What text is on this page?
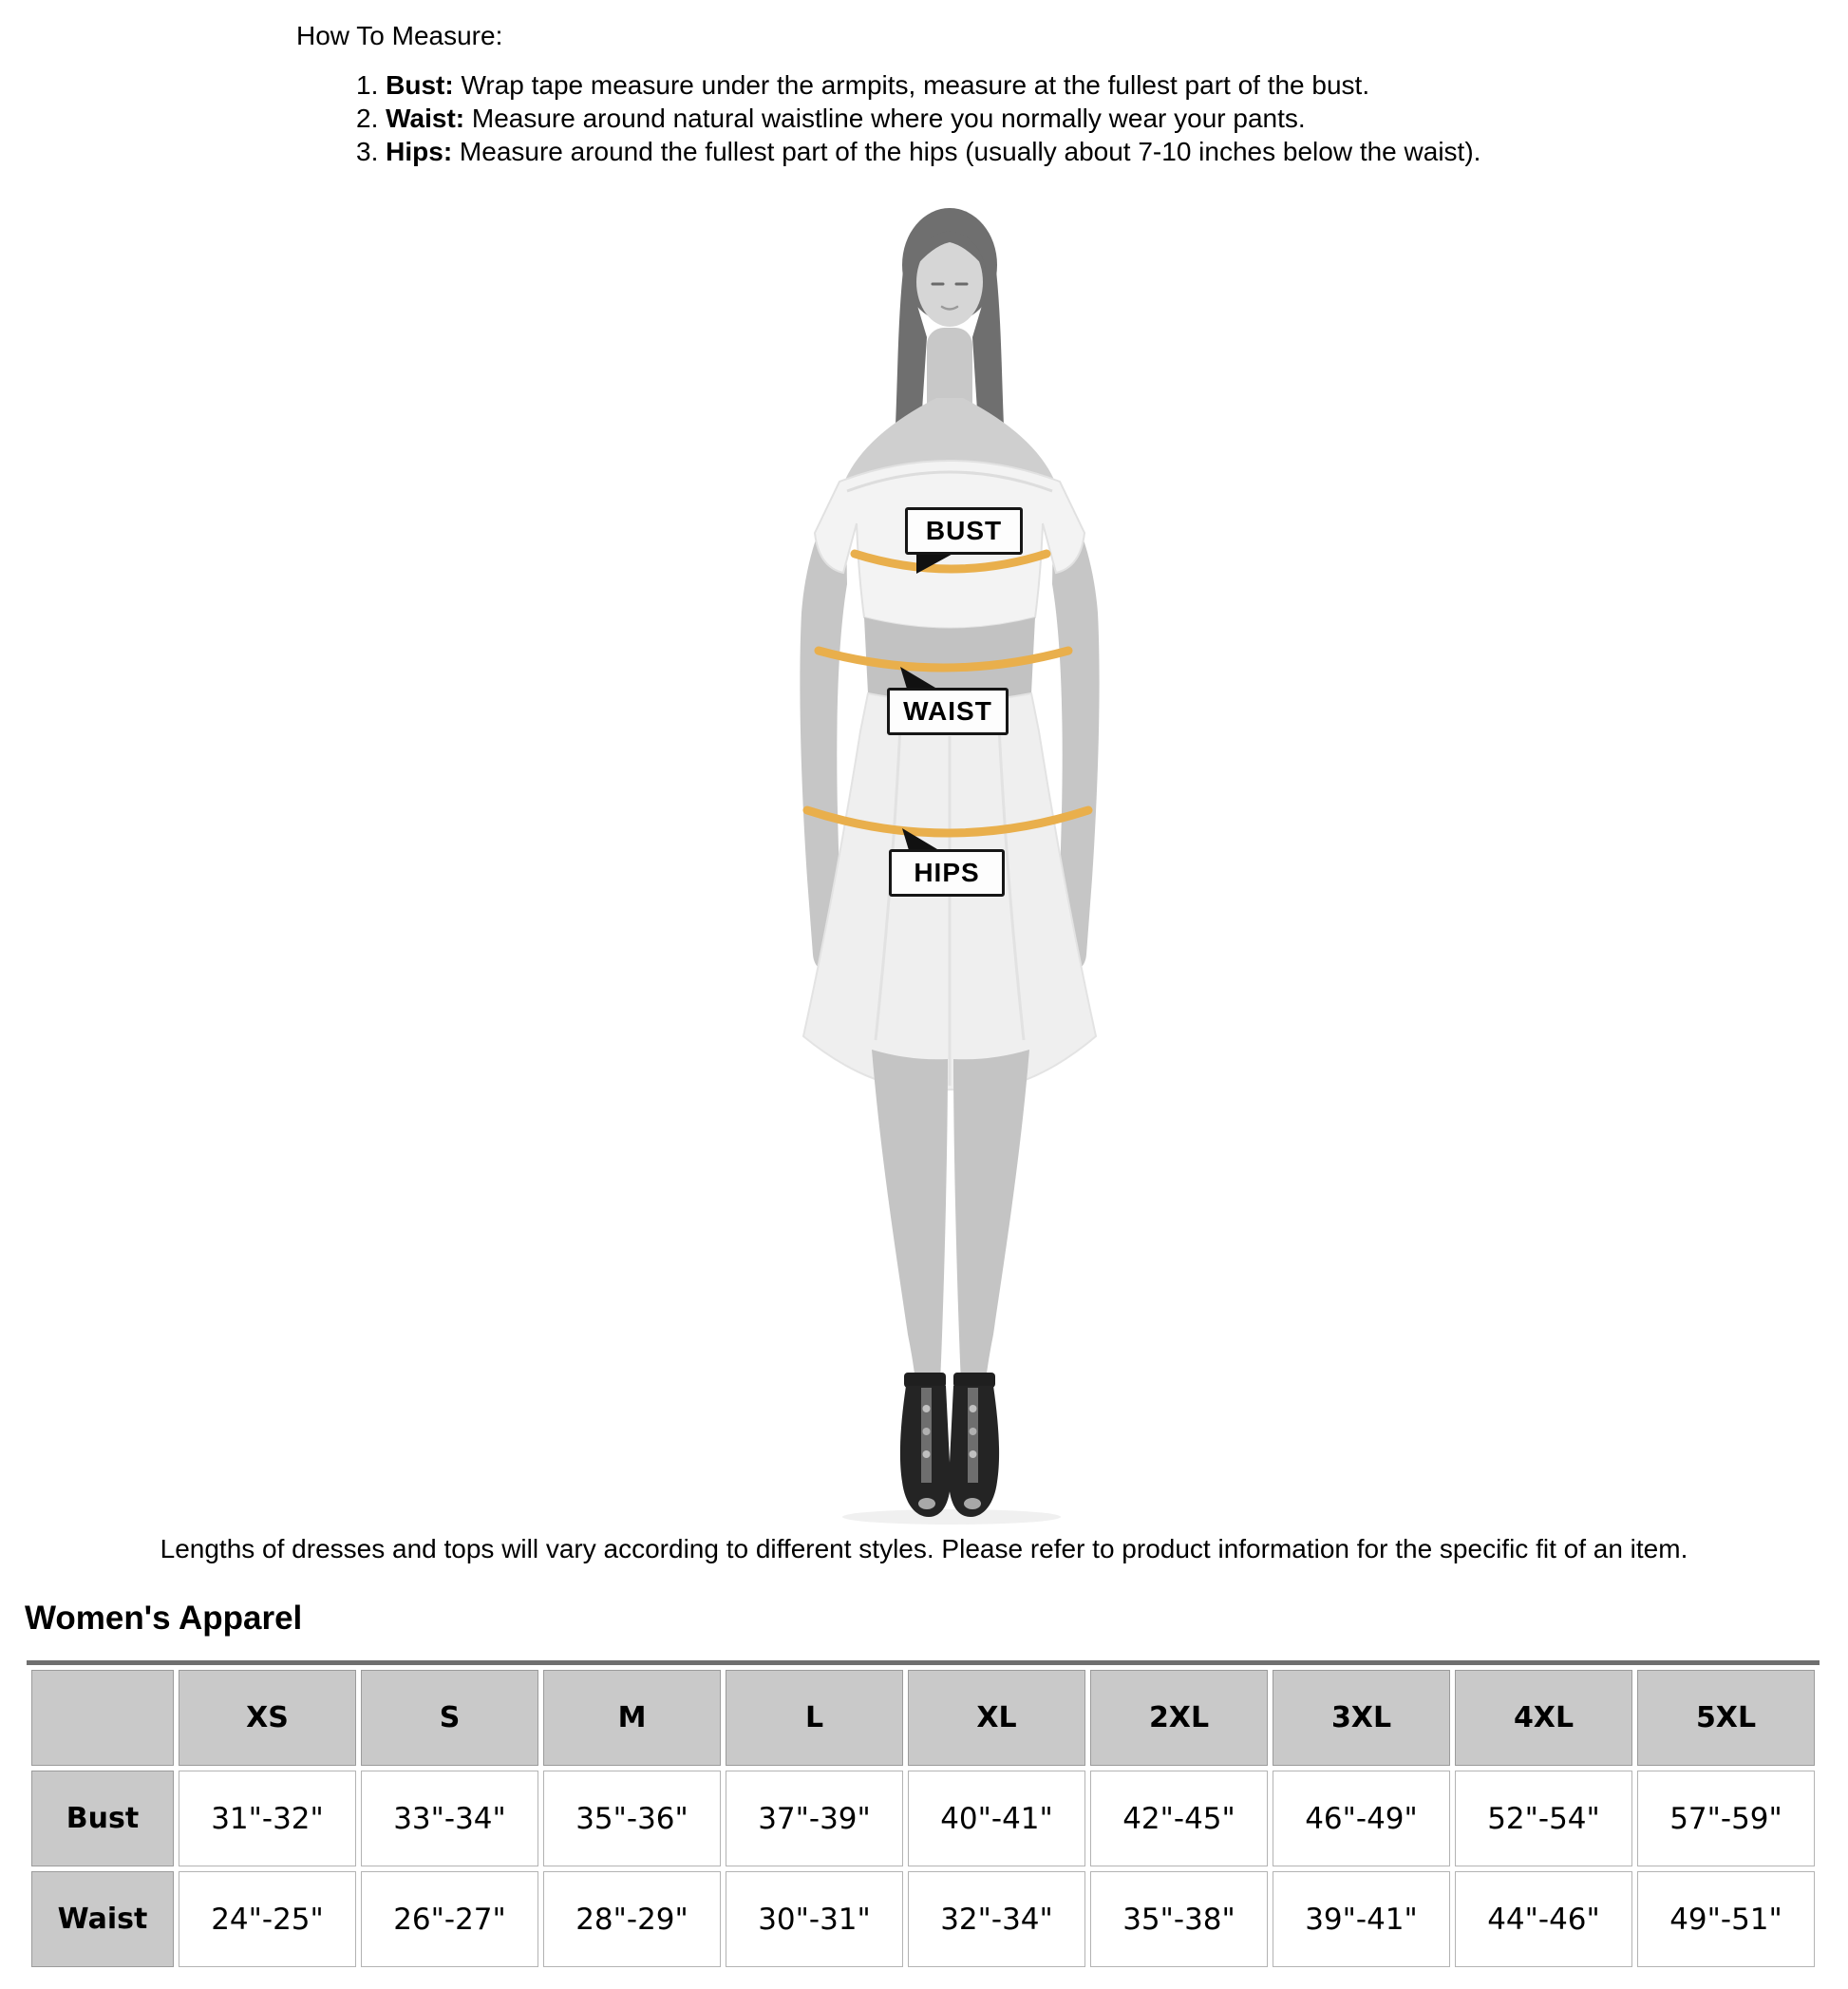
How To Measure:
1. Bust: Wrap tape measure under the armpits, measure at the fullest part of the bust.
2. Waist: Measure around natural waistline where you normally wear your pants.
3. Hips: Measure around the fullest part of the hips (usually about 7-10 inches below the waist).
BUST
WAIST
HIPS

Lengths of dresses and tops will vary according to different styles. Please refer to product information for the specific fit of an item.

Women's Apparel
	XS	S	M	L	XL	2XL	3XL	4XL	5XL
Bust	31"-32"	33"-34"	35"-36"	37"-39"	40"-41"	42"-45"	46"-49"	52"-54"	57"-59"
Waist	24"-25"	26"-27"	28"-29"	30"-31"	32"-34"	35"-38"	39"-41"	44"-46"	49"-51"
